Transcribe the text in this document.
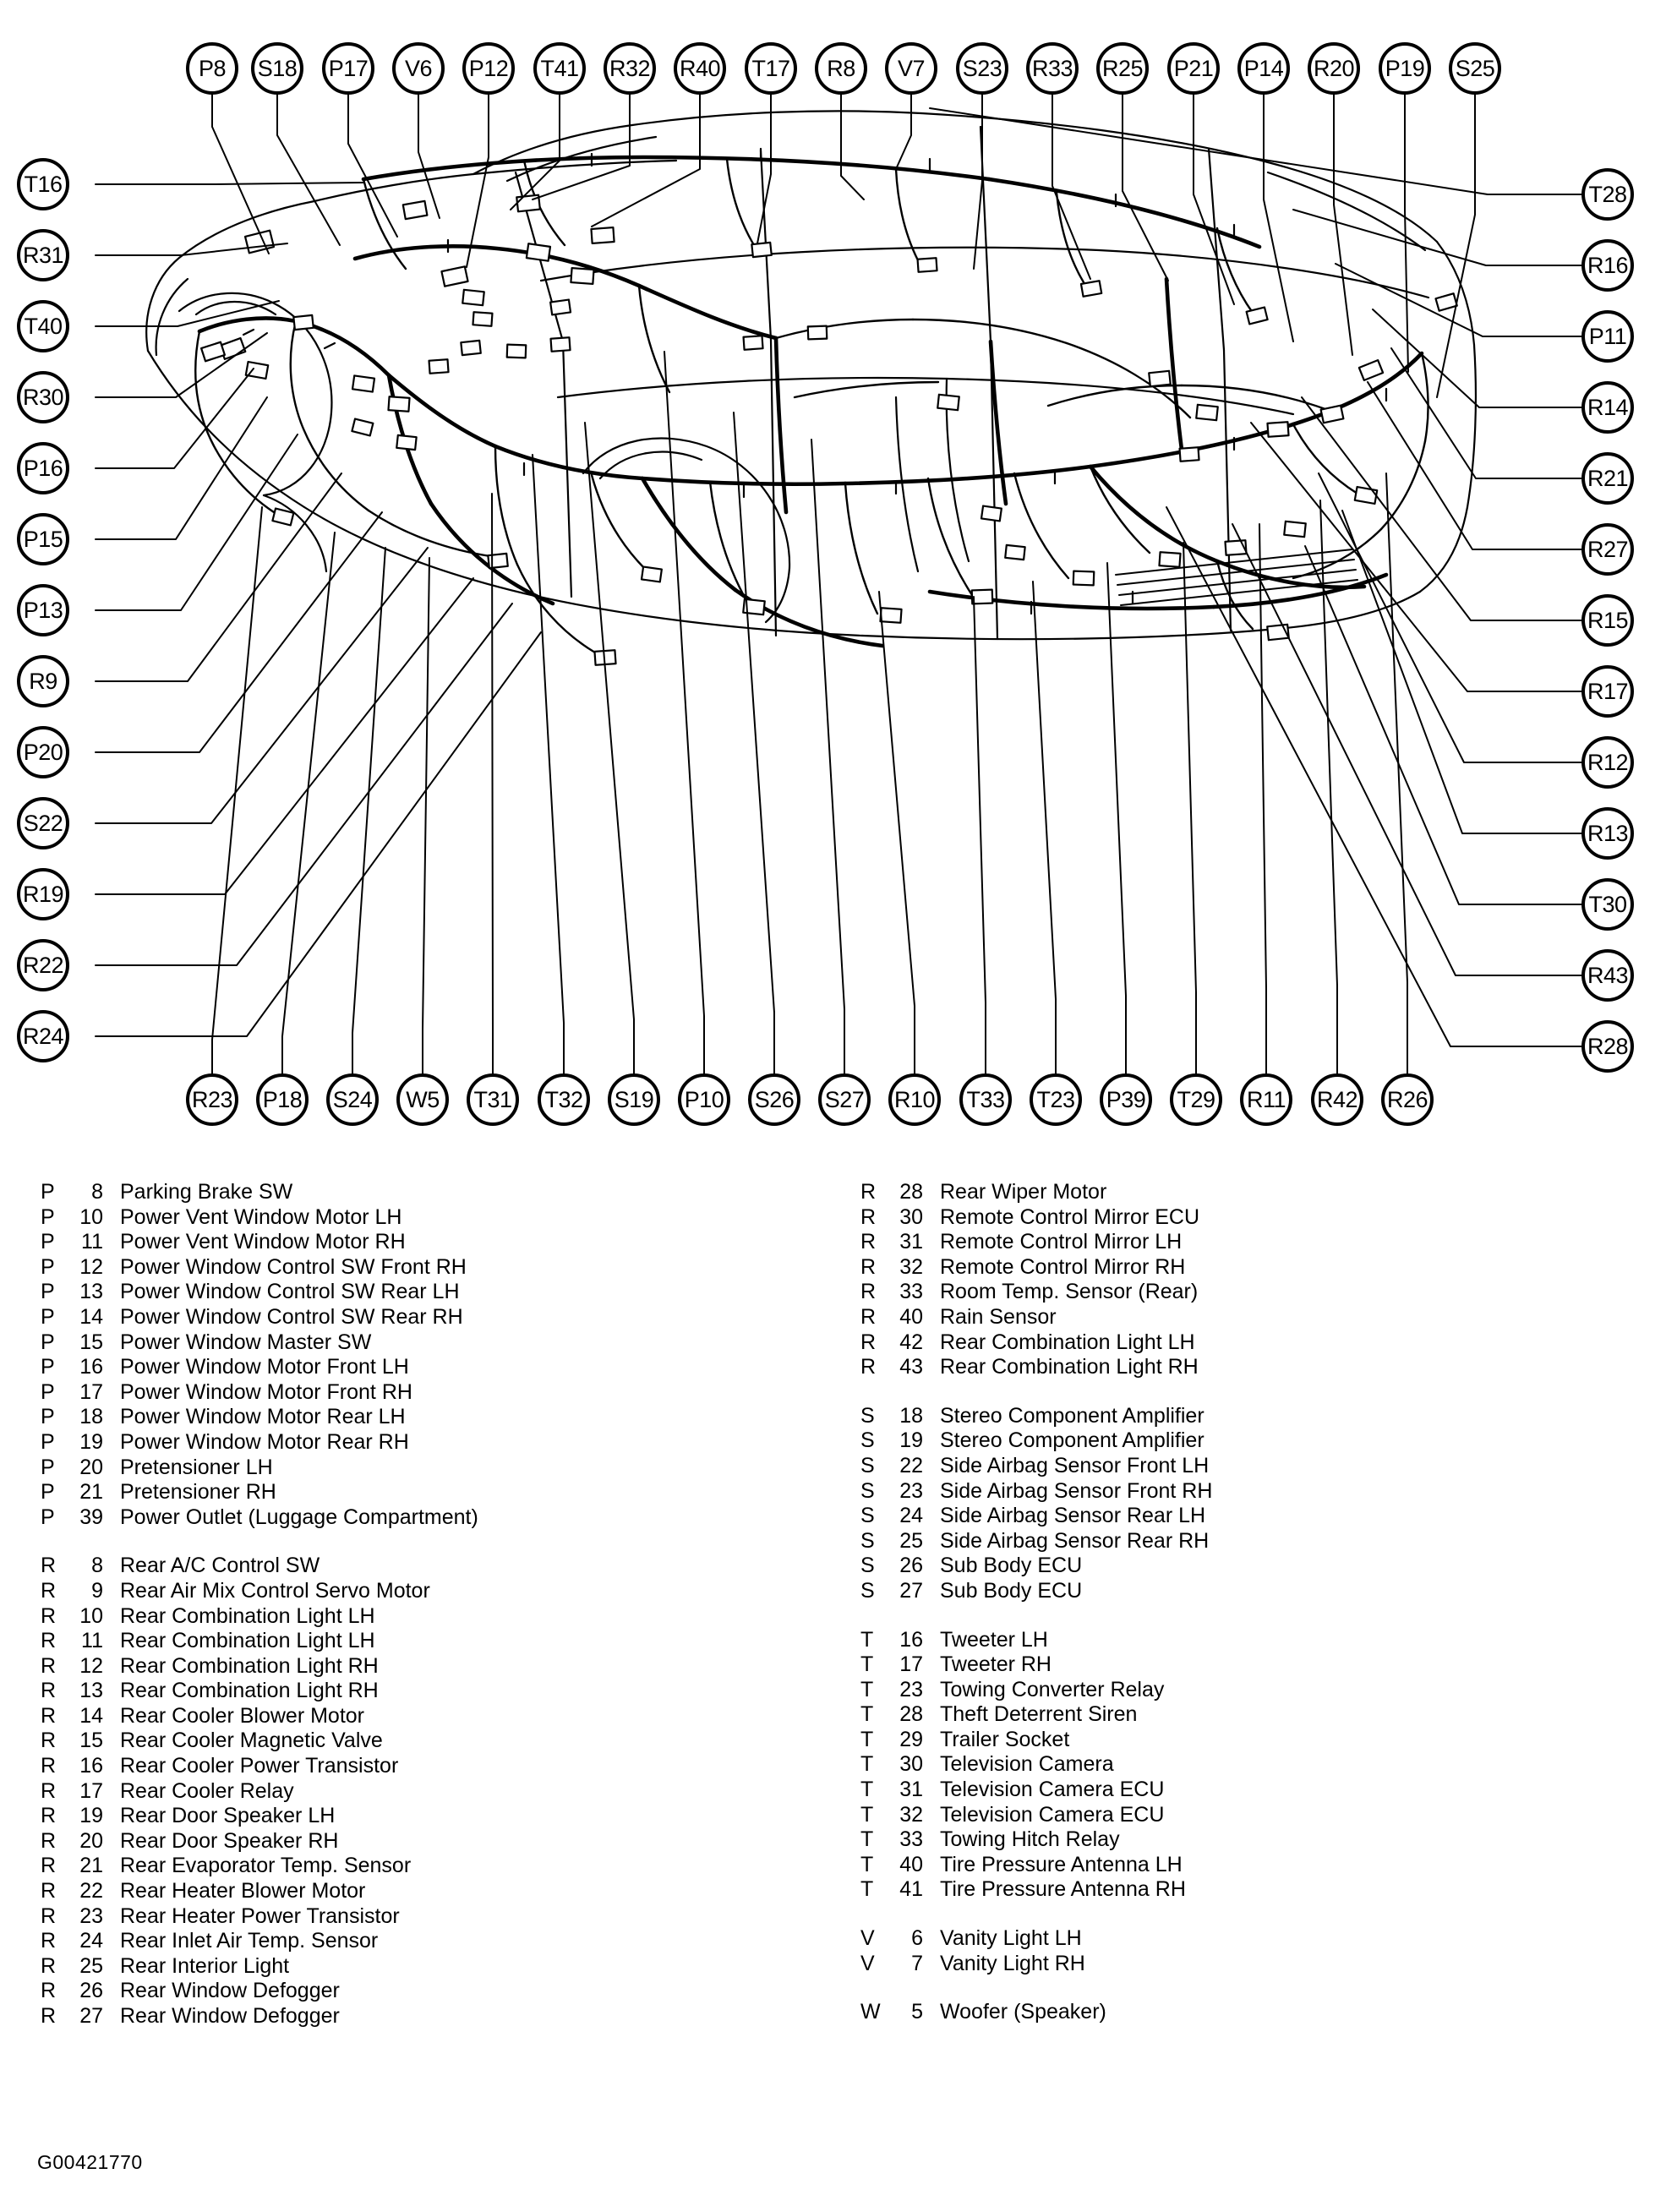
P8 S18 P17 V6 P12 T41 R32 R40 T17 R8 V7 S23 R33 R25 P21 P14 R20 P19 S25
T16
R31
T40
R30
P16
P15
P13
R9
P20
S22
R19
R22
R24
T28
R16
P11
R14
R21
R27
R15
R17
R12
R13
T30
R43
R28
R23 P18 S24 W5 T31 T32 S19 P10 S26 S27 R10 T33 T23 P39 T29 R11 R42 R26
P	8 Parking Brake SW
P	10 Power Vent Window Motor LH
P	11 Power Vent Window Motor RH
P	12 Power Window Control SW Front RH
P	13 Power Window Control SW Rear LH
P	14 Power Window Control SW Rear RH
P	15 Power Window Master SW
P	16 Power Window Motor Front LH
P	17 Power Window Motor Front RH
P	18 Power Window Motor Rear LH
P	19 Power Window Motor Rear RH
P	20 Pretensioner LH
P	21 Pretensioner RH
P	39 Power Outlet (Luggage Compartment)
R	8 Rear A/C Control SW
R	9 Rear Air Mix Control Servo Motor
R	10 Rear Combination Light LH
R	11 Rear Combination Light LH
R	12 Rear Combination Light RH
R	13 Rear Combination Light RH
R	14 Rear Cooler Blower Motor
R	15 Rear Cooler Magnetic Valve
R	16 Rear Cooler Power Transistor
R	17 Rear Cooler Relay
R	19 Rear Door Speaker LH
R	20 Rear Door Speaker RH
R	21 Rear Evaporator Temp. Sensor
R	22 Rear Heater Blower Motor
R	23 Rear Heater Power Transistor
R	24 Rear Inlet Air Temp. Sensor
R	25 Rear Interior Light
R	26 Rear Window Defogger
R	27 Rear Window Defogger
R	28 Rear Wiper Motor
R	30 Remote Control Mirror ECU
R	31 Remote Control Mirror LH
R	32 Remote Control Mirror RH
R	33 Room Temp. Sensor (Rear)
R	40 Rain Sensor
R	42 Rear Combination Light LH
R	43 Rear Combination Light RH
S	18 Stereo Component Amplifier
S	19 Stereo Component Amplifier
S	22 Side Airbag Sensor Front LH
S	23 Side Airbag Sensor Front RH
S	24 Side Airbag Sensor Rear LH
S	25 Side Airbag Sensor Rear RH
S	26 Sub Body ECU
S	27 Sub Body ECU
T	16 Tweeter LH
T	17 Tweeter RH
T	23 Towing Converter Relay
T	28 Theft Deterrent Siren
T	29 Trailer Socket
T	30 Television Camera
T	31 Television Camera ECU
T	32 Television Camera ECU
T	33 Towing Hitch Relay
T	40 Tire Pressure Antenna LH
T	41 Tire Pressure Antenna RH
V	6 Vanity Light LH
V	7 Vanity Light RH
W	5 Woofer (Speaker)
G00421770
